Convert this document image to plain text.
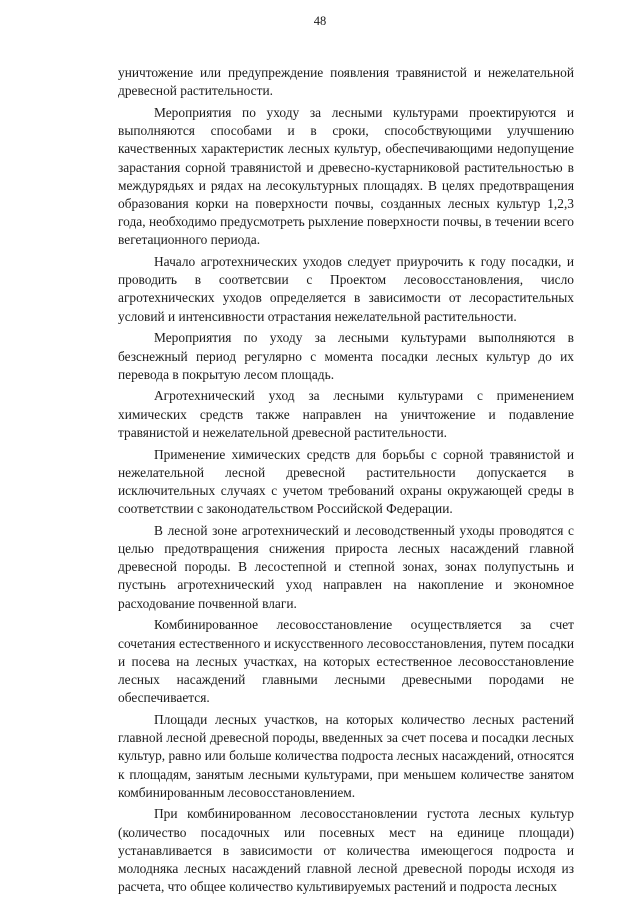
48

уничтожение или предупреждение появления травянистой и нежелательной древесной растительности.

Мероприятия по уходу за лесными культурами проектируются и выполняются способами и в сроки, способствующими улучшению качественных характеристик лесных культур, обеспечивающими недопущение зарастания сорной травянистой и древесно-кустарниковой растительностью в междурядьях и рядах на лесокультурных площадях. В целях предотвращения образования корки на поверхности почвы, созданных лесных культур 1,2,3 года, необходимо предусмотреть рыхление поверхности почвы, в течении всего вегетационного периода.

Начало агротехнических уходов следует приурочить к году посадки, и проводить в соответсвии с Проектом лесовосстановления, число агротехнических уходов определяется в зависимости от лесорастительных условий и интенсивности отрастания нежелательной растительности.

Мероприятия по уходу за лесными культурами выполняются в безснежный период регулярно с момента посадки лесных культур до их перевода в покрытую лесом площадь.

Агротехнический уход за лесными культурами с применением химических средств также направлен на уничтожение и подавление травянистой и нежелательной древесной растительности.

Применение химических средств для борьбы с сорной травянистой и нежелательной лесной древесной растительности допускается в исключительных случаях с учетом требований охраны окружающей среды в соответствии с законодательством Российской Федерации.

В лесной зоне агротехнический и лесоводственный уходы проводятся с целью предотвращения снижения прироста лесных насаждений главной древесной породы. В лесостепной и степной зонах, зонах полупустынь и пустынь агротехнический уход направлен на накопление и экономное расходование почвенной влаги.

Комбинированное лесовосстановление осуществляется за счет сочетания естественного и искусственного лесовосстановления, путем посадки и посева на лесных участках, на которых естественное лесовосстановление лесных насаждений главными лесными древесными породами не обеспечивается.

Площади лесных участков, на которых количество лесных растений главной лесной древесной породы, введенных за счет посева и посадки лесных культур, равно или больше количества подроста лесных насаждений, относятся к площадям, занятым лесными культурами, при меньшем количестве занятом комбинированным лесовосстановлением.

При комбинированном лесовосстановлении густота лесных культур (количество посадочных или посевных мест на единице площади) устанавливается в зависимости от количества имеющегося подроста и молодняка лесных насаждений главной лесной древесной породы исходя из расчета, что общее количество культивируемых растений и подроста лесных
